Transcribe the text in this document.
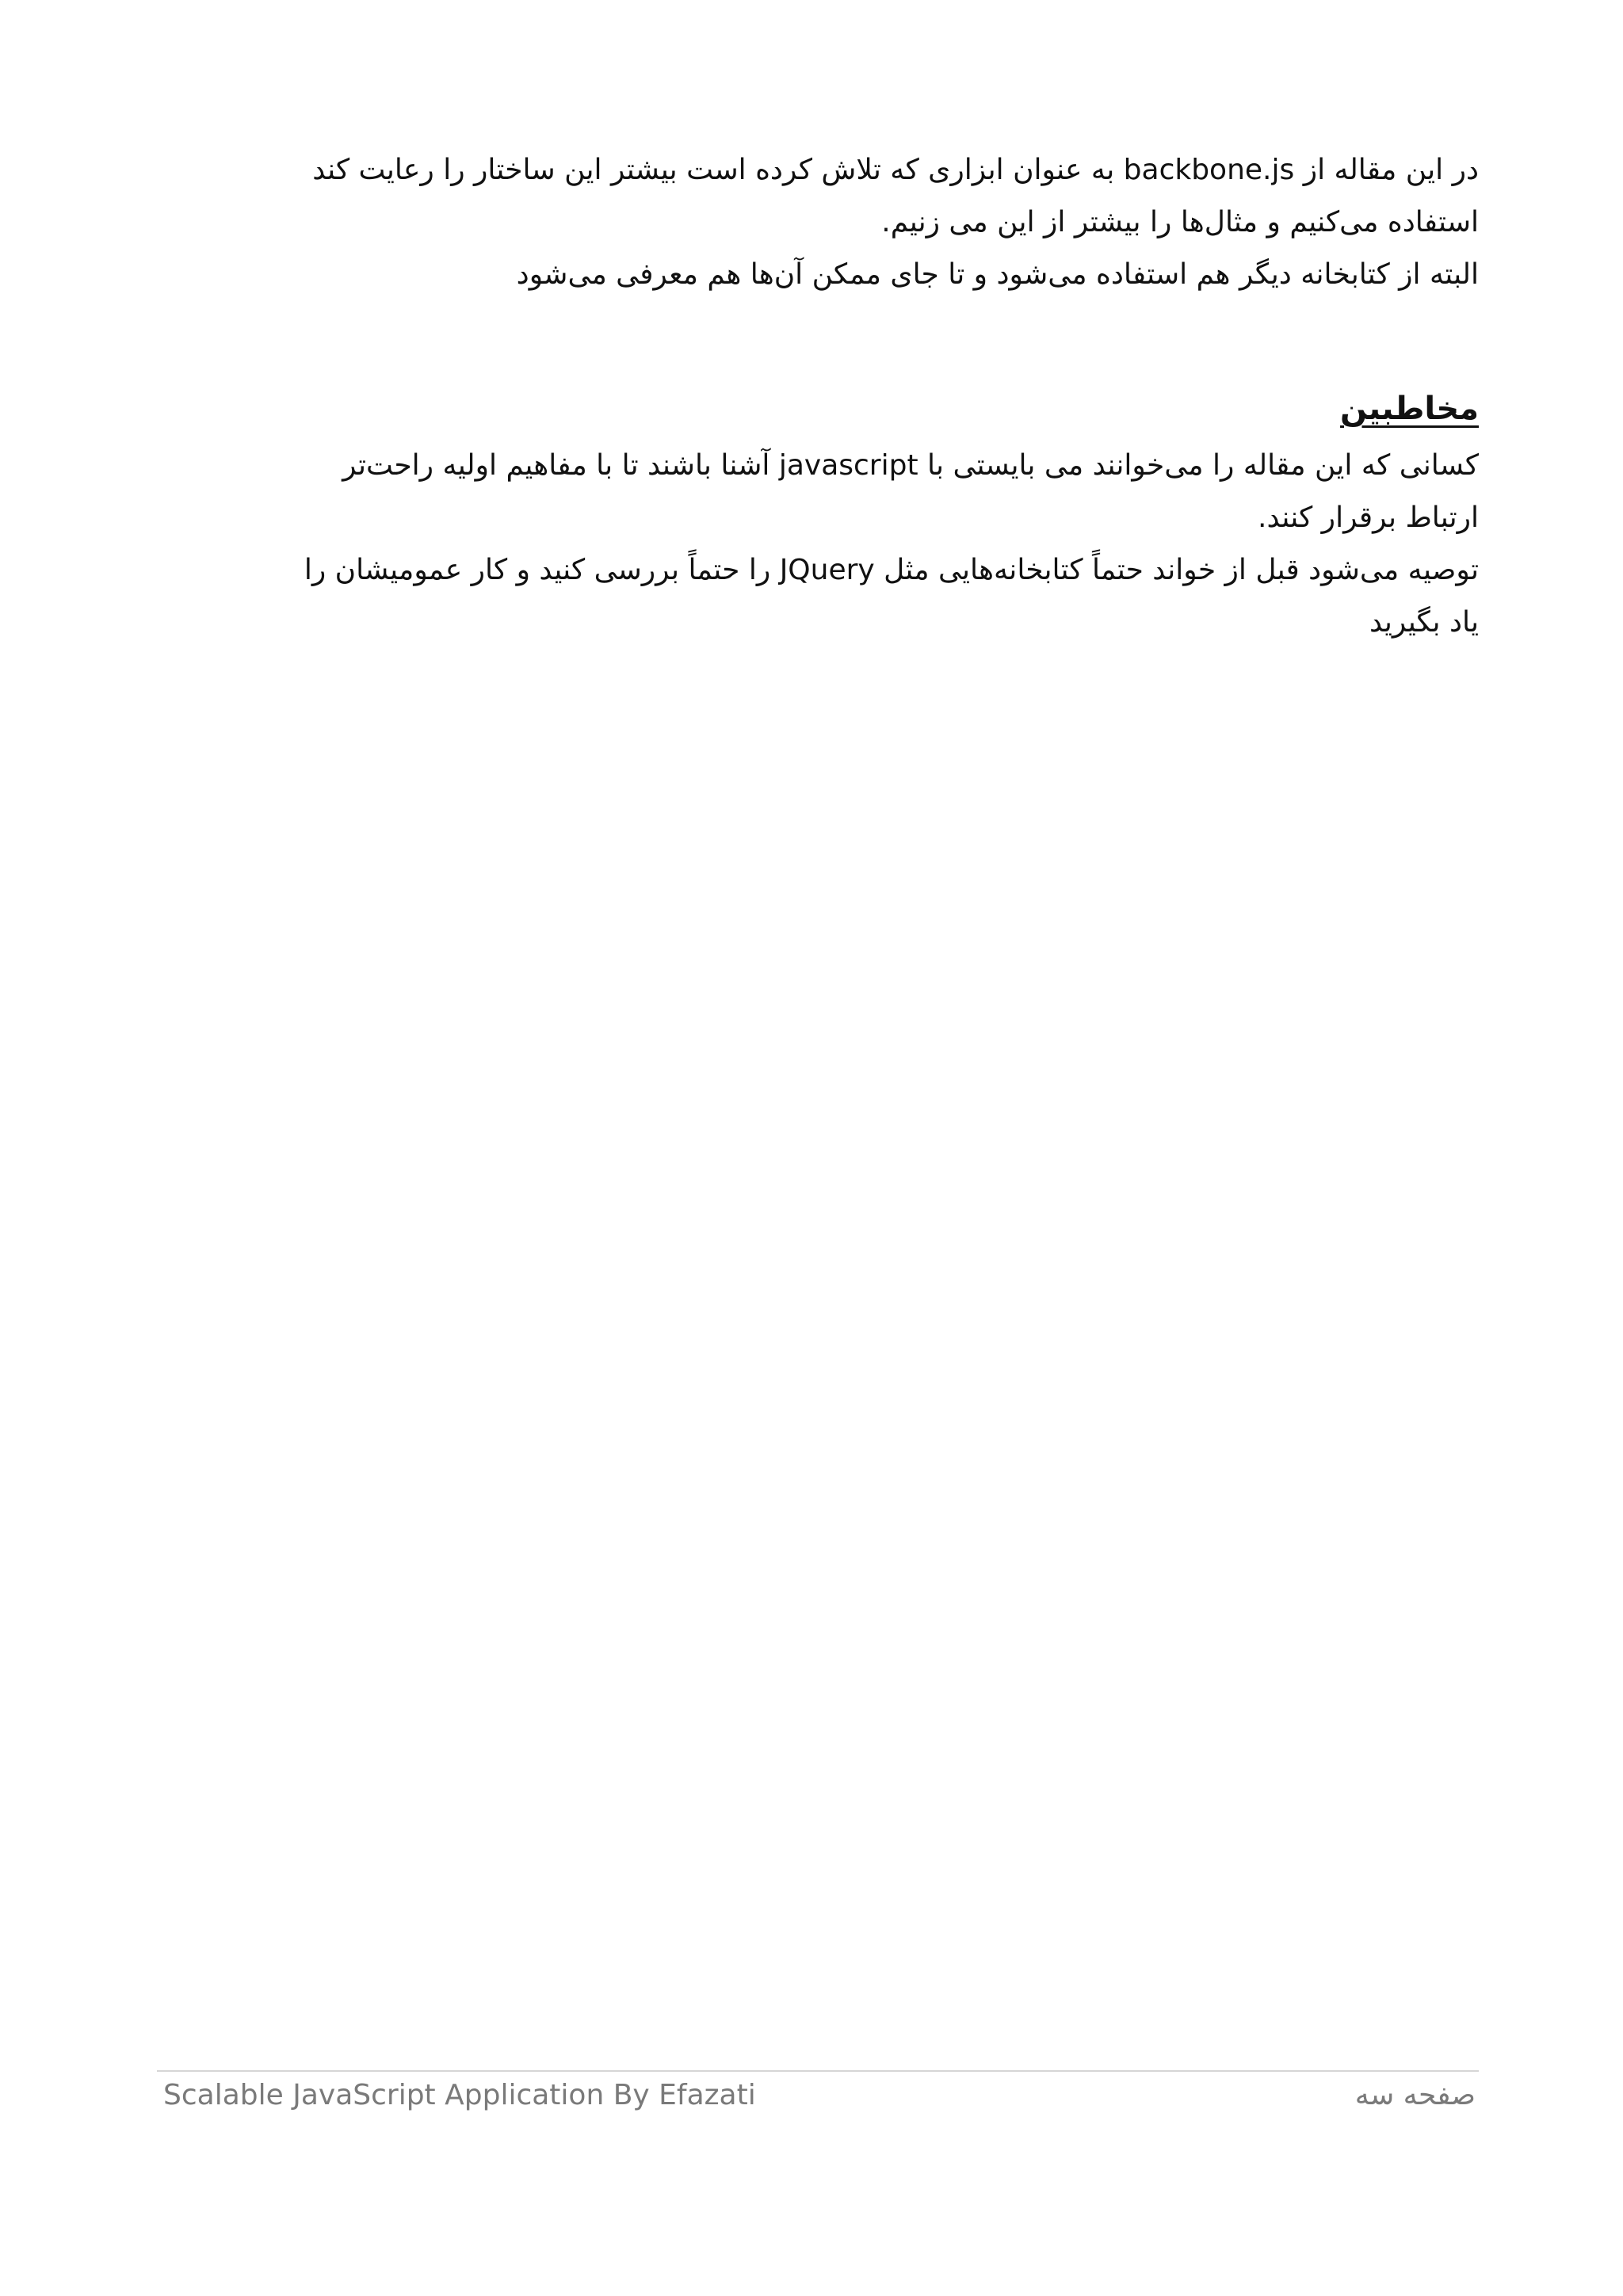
در این مقاله از backbone.js به عنوان ابزاری که تلاش کرده است بیشتر این ساختار را رعایت کند
استفاده می‌کنیم و مثال‌ها را بیشتر از این می زنیم.
البته از کتابخانه دیگر هم استفاده می‌شود و تا جای ممکن آن‌ها هم معرفی می‌شود

مخاطبین

کسانی که این مقاله را می‌خوانند می بایستی با javascript آشنا باشند تا با مفاهیم اولیه راحت‌تر
ارتباط برقرار کنند.
توصیه می‌شود قبل از خواند حتماً کتابخانه‌هایی مثل JQuery را حتماً بررسی کنید و کار عمومیشان را
یاد بگیرید

Scalable JavaScript Application By Efazati	صفحه سه
